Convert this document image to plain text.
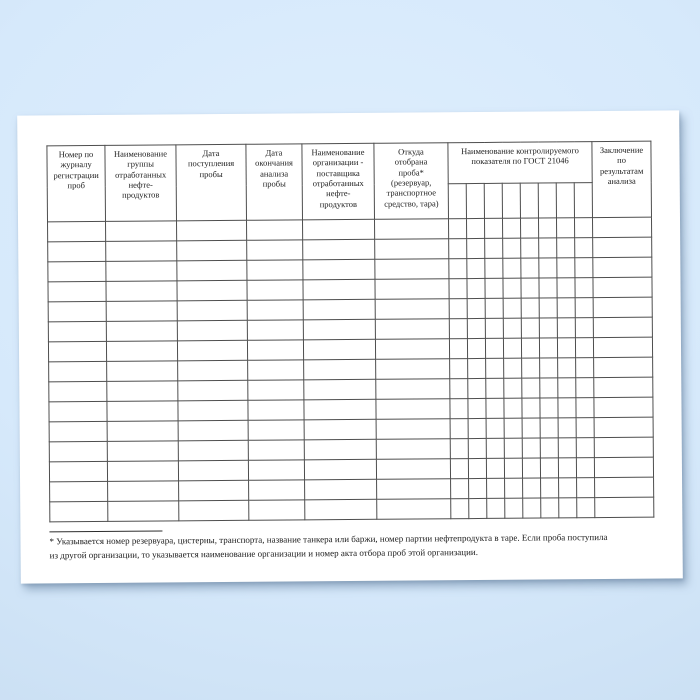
Номер по
журналу
регистрации
проб	Наименование
группы
отработанных
нефте-
продуктов	Дата
поступления
пробы	Дата
окончания
анализа
пробы	Наименование
организации -
поставщика
отработанных
нефте-
продуктов	Откуда
отобрана
проба*
(резервуар,
транспортное
средство, тара)	Наименование контролируемого
показателя по ГОСТ 21046	Заключение
по
результатам
анализа

* Указывается номер резервуара, цистерны, транспорта, название танкера или баржи, номер партии нефтепродукта в таре. Если проба поступила
из другой организации, то указывается наименование организации и номер акта отбора проб этой организации.
